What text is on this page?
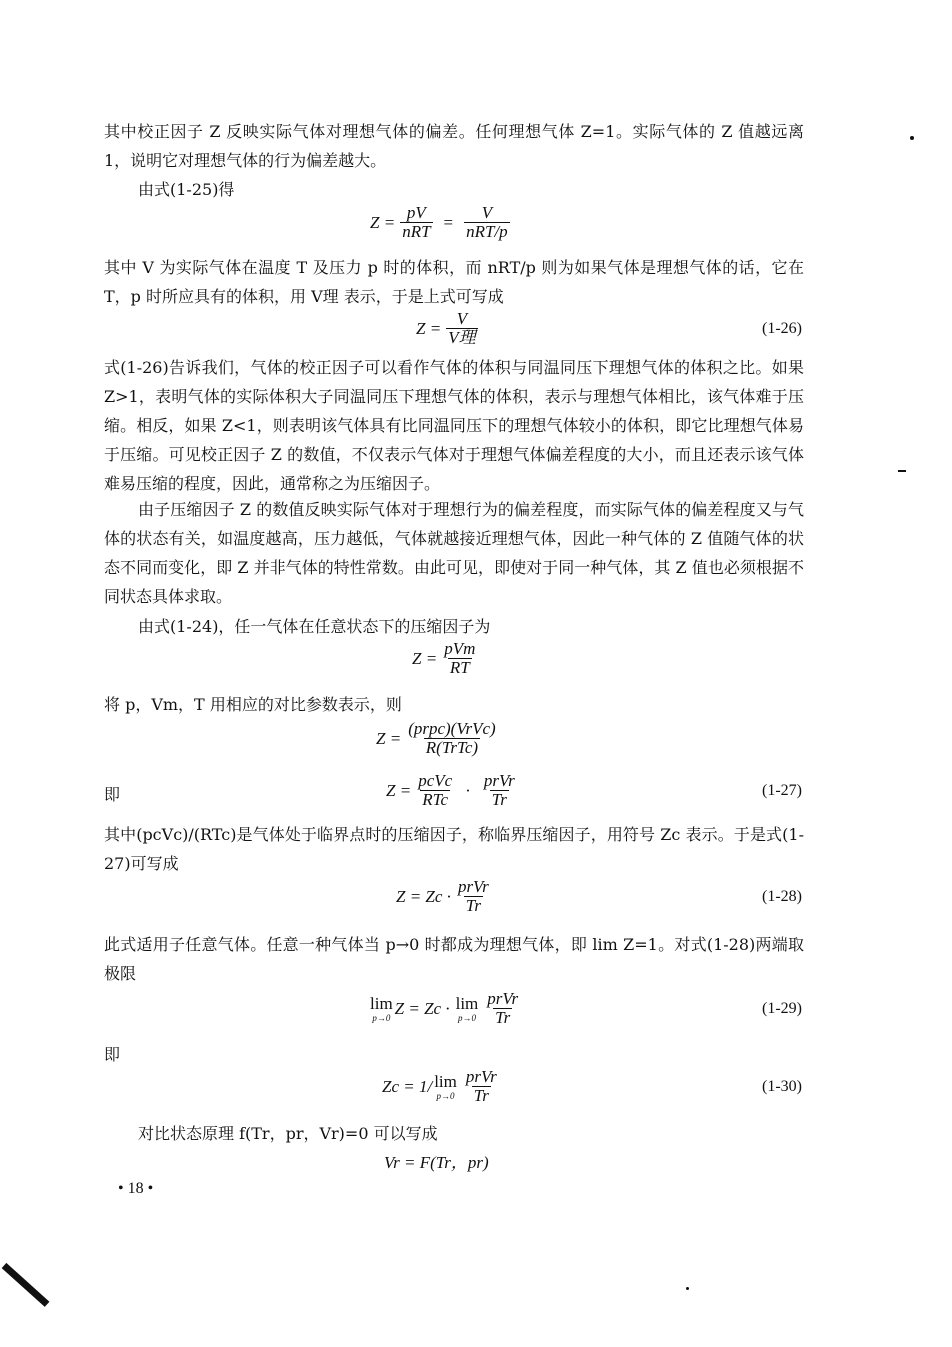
其中校正因子 Z 反映实际气体对理想气体的偏差。任何理想气体 Z=1。实际气体的 Z 值越远离 1，说明它对理想气体的行为偏差越大。

由式(1-25)得

$Z = \frac{pV}{\text{nRT}} = \frac{V}{\text{nRT/p}}$

其中 V 为实际气体在温度 T 及压力 p 时的体积，而 nRT/p 则为如果气体是理想气体的话，它在 T，p 时所应具有的体积，用 V理 表示，于是上式可写成

$Z = \frac{V}{\text{V理}}$	(1-26)

式(1-26)告诉我们，气体的校正因子可以看作气体的体积与同温同压下理想气体的体积之比。如果 Z>1，表明气体的实际体积大子同温同压下理想气体的体积，表示与理想气体相比，该气体难于压缩。相反，如果 Z<1，则表明该气体具有比同温同压下的理想气体较小的体积，即它比理想气体易于压缩。可见校正因子 Z 的数值，不仅表示气体对于理想气体偏差程度的大小，而且还表示该气体难易压缩的程度，因此，通常称之为压缩因子。

由子压缩因子 Z 的数值反映实际气体对于理想行为的偏差程度，而实际气体的偏差程度又与气体的状态有关，如温度越高，压力越低，气体就越接近理想气体，因此一种气体的 Z 值随气体的状态不同而变化，即 Z 并非气体的特性常数。由此可见，即使对于同一种气体，其 Z 值也必须根据不同状态具体求取。

由式(1-24)，任一气体在任意状态下的压缩因子为

$Z = \frac{\text{pVm}}{RT}$

将 p，Vm，T 用相应的对比参数表示，则

$Z = \frac{\text{(prpc)(VrVc)}}{\text{R(TrTc)}}$
即	$Z = \frac{\text{pcVc}}{\text{RTc}} \cdot \frac{\text{prVr}}{Tr}$	(1-27)

其中(pcVc)/(RTc)是气体处于临界点时的压缩因子，称临界压缩因子，用符号 Zc 表示。于是式(1-27)可写成

$Z = Zc \cdot \frac{\text{prVr}}{Tr}$	(1-28)

此式适用子任意气体。任意一种气体当 p→0 时都成为理想气体，即 lim Z=1。对式(1-28)两端取极限

lim
p→0
Z = Zc · lim
$p\to 0 \frac{\text{prVr}}{Tr}$	(1-29)
即
Zc = 1/ lim
$p\to 0 \frac{\text{prVr}}{Tr}$	(1-30)

对比状态原理 f(Tr，pr，Vr)=0 可以写成

Vr = F(Tr，pr)
• 18 •
